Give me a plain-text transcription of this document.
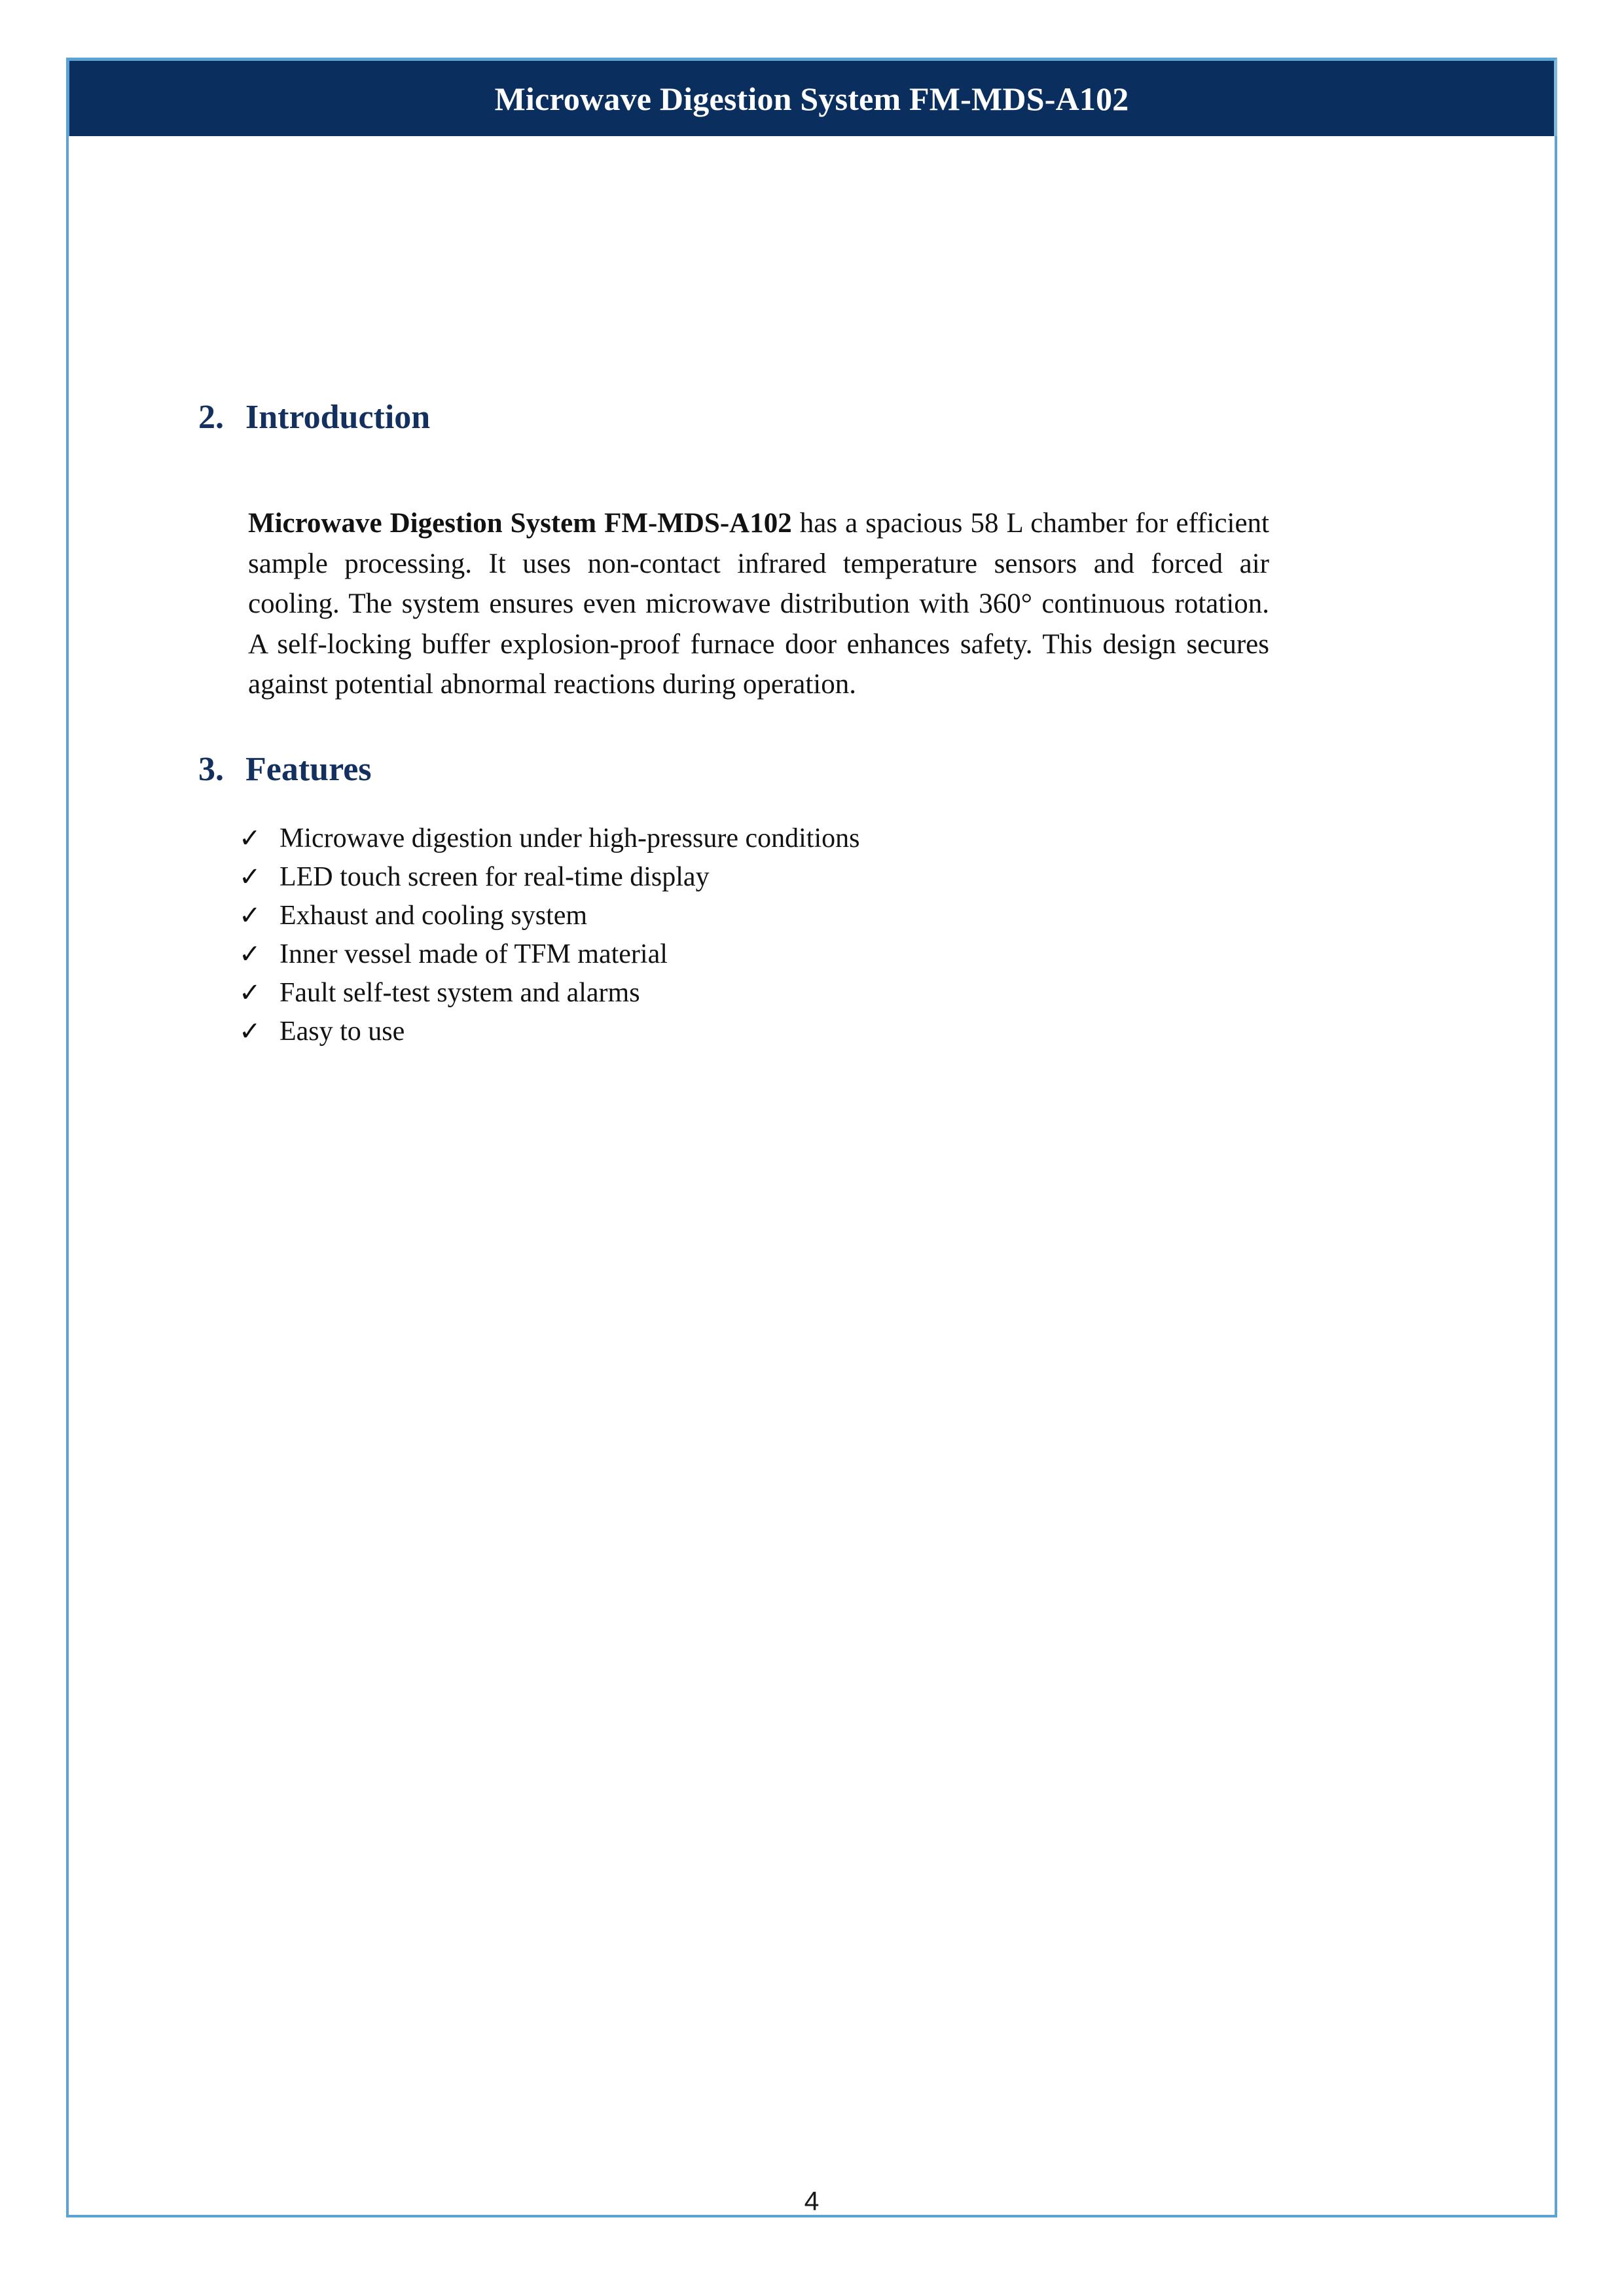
Microwave Digestion System FM-MDS-A102
2. Introduction

Microwave Digestion System FM-MDS-A102 has a spacious 58 L chamber for efficient sample processing. It uses non-contact infrared temperature sensors and forced air cooling. The system ensures even microwave distribution with 360° continuous rotation. A self-locking buffer explosion-proof furnace door enhances safety. This design secures against potential abnormal reactions during operation.

3. Features
✓ Microwave digestion under high-pressure conditions
✓ LED touch screen for real-time display
✓ Exhaust and cooling system
✓ Inner vessel made of TFM material
✓ Fault self-test system and alarms
✓ Easy to use
4
